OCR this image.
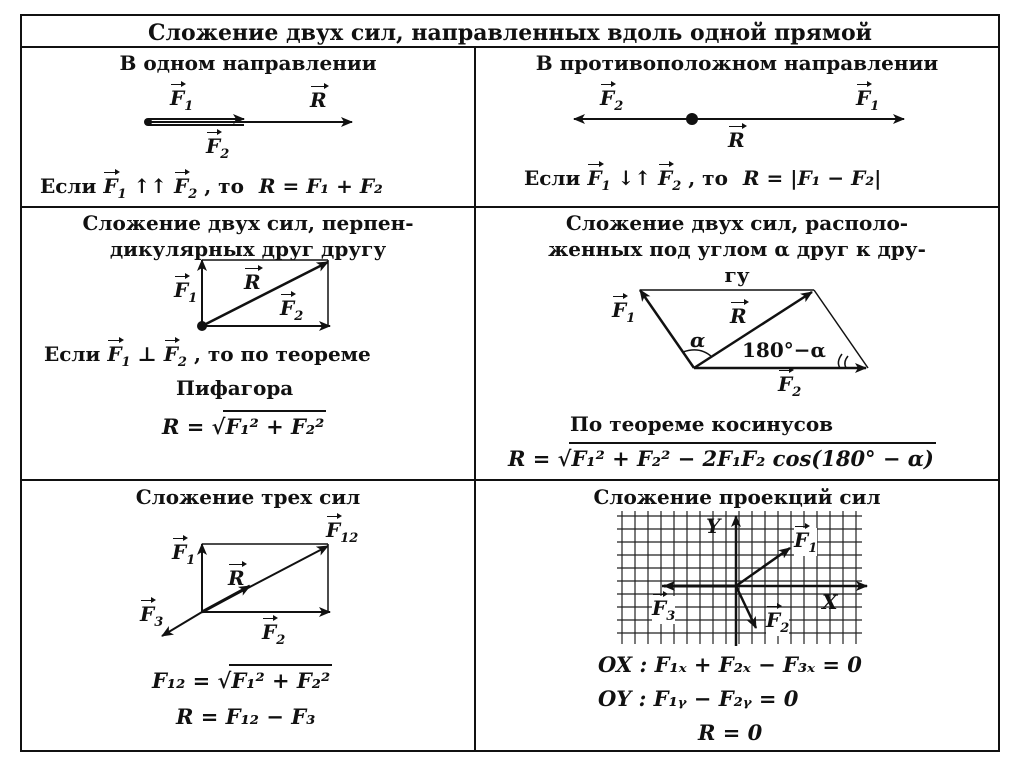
Сложение двух сил, направленных вдоль одной прямой
В одном направлении
$F_1$	R
$F_2$
Если $F_1$ ↑↑ $F_2$ , то R = F₁ + F₂
В противоположном направлении
$F_2$	$F_1$
R
Если $F_1$ ↓↑ $F_2$ , то R = |F₁ − F₂|
Сложение двух сил, перпен-
дикулярных друг другу
$F_1$
R
$F_2$
Если $F_1$ ⊥ $F_2$ , то по теореме
Пифагора
R = √F₁² + F₂²
Сложение двух сил, располо-
женных под углом α друг к дру-
гу
$F_1$	R
α 180°−α
$F_2$
По теореме косинусов
R = √F₁² + F₂² − 2F₁F₂ cos(180° − α)
Сложение трех сил
$F_1$
$F_{12}$
R
$F_3$	$F_2$
F₁₂ = √F₁² + F₂²
R = F₁₂ − F₃
Сложение проекций сил
Y
X
$F_1$
$F_3$	$F_2$
OX : F₁ₓ + F₂ₓ − F₃ₓ = 0
OY : F₁ᵧ − F₂ᵧ = 0
R = 0
